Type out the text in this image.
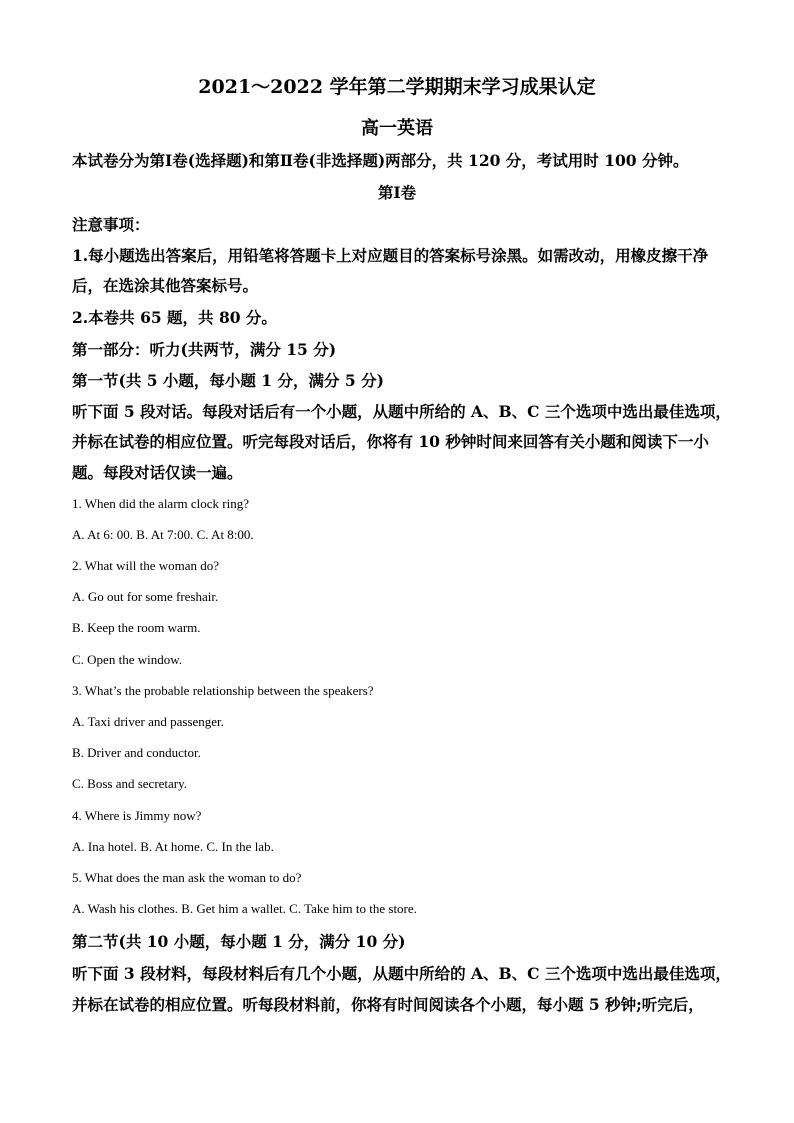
2021～2022 学年第二学期期末学习成果认定
高一英语
本试卷分为第Ⅰ卷(选择题)和第Ⅱ卷(非选择题)两部分，共 120 分，考试用时 100 分钟。
第Ⅰ卷
注意事项：
1.每小题选出答案后，用铅笔将答题卡上对应题目的答案标号涂黑。如需改动，用橡皮擦干净
后，在选涂其他答案标号。
2.本卷共 65 题，共 80 分。
第一部分：听力(共两节，满分 15 分)
第一节(共 5 小题，每小题 1 分，满分 5 分)
听下面 5 段对话。每段对话后有一个小题，从题中所给的 A、B、C 三个选项中选出最佳选项，
并标在试卷的相应位置。听完每段对话后，你将有 10 秒钟时间来回答有关小题和阅读下一小
题。每段对话仅读一遍。
1. When did the alarm clock ring?
A. At 6: 00. B. At 7:00. C. At 8:00.
2. What will the woman do?
A. Go out for some freshair.
B. Keep the room warm.
C. Open the window.
3. What’s the probable relationship between the speakers?
A. Taxi driver and passenger.
B. Driver and conductor.
C. Boss and secretary.
4. Where is Jimmy now?
A. Ina hotel. B. At home. C. In the lab.
5. What does the man ask the woman to do?
A. Wash his clothes. B. Get him a wallet. C. Take him to the store.
第二节(共 10 小题，每小题 1 分，满分 10 分)
听下面 3 段材料，每段材料后有几个小题，从题中所给的 A、B、C 三个选项中选出最佳选项，
并标在试卷的相应位置。听每段材料前，你将有时间阅读各个小题，每小题 5 秒钟;听完后，
